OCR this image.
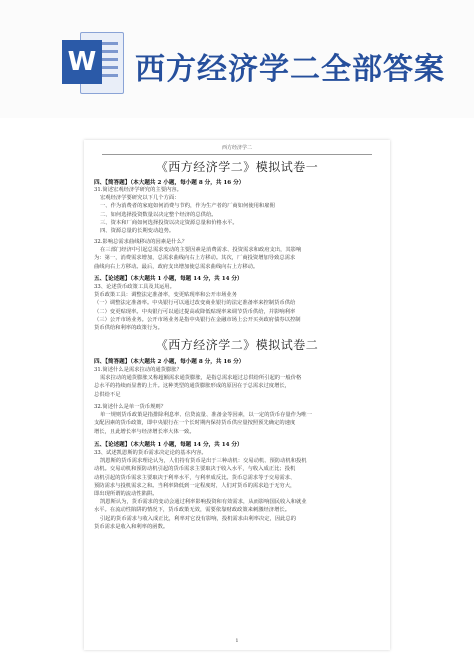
W 西方经济学二全部答案
西方经济学二
《西方经济学二》模拟试卷一
四、【简答题】（本大题共 2 小题，每小题 8 分，共 16 分）

31.简述宏观经济学研究的主要内容。

宏观经济学要研究以下几个方面：

一、作为消费者的家庭如何消费与节约，作为生产者的厂商如何使用和雇佣

二、如何选择投资数量以决定整个经济的总供给。

三、资本和厂商如何选择投资以决定资源总量和价格水平。

四、资源总量的长期变动趋势。

32.影响总需求曲线移动的因素是什么？

在三部门经济中引起总需求变动的主要因素是消费需求、投资需求和政府支出，其影响

为：第一，消费需求增加，总需求曲线向右上方移动。其次，厂商投资增加导致总需求

曲线向右上方移动。最后，政府支出增加使总需求曲线向右上方移动。

五、【论述题】（本大题共 1 小题，每题 14 分，共 14 分）

33、论述货币政策工具及其运用。

货币政策工具：调整法定准备率，变更贴现率和公开市场业务

（一）调整法定准备率。中央银行可以通过改变商业银行的法定准备率来控制货币供给

（二）变更贴现率。中央银行可以通过提高或降低贴现率来调节货币供给，并影响利率

（三）公开市场业务。公开市场业务是指中央银行在金融市场上公开买卖政府债券以控制

货币供给和利率的政策行为。

《西方经济学二》模拟试卷二
四、【简答题】（本大题共 2 小题，每小题 8 分，共 16 分）

31.简述什么是需求拉动的通货膨胀？

需求拉动的通货膨胀又称超额需求通货膨胀，是指总需求超过总供给所引起的一般价格

总水平的持续而显著的上升。这种类型的通货膨胀形成的原因在于总需求过度增长，

总供给不足

32.简述什么是单一货币规则？

单一规则货币政策是指排除利息率、信贷流量、准备金等因素，以一定的货币存量作为唯一

支配因素的货币政策，即中央银行在一个长时期内保持货币供应量按照预先确定的速度

增长，且此增长率与经济增长率大体一致。

五、【论述题】（本大题共 1 小题，每题 14 分，共 14 分）

33、试述凯恩斯的货币需求决定论的基本内容。

凯恩斯的货币需求理论认为，人们持有货币是出于三种动机：交易动机、预防动机和投机

动机。交易动机和预防动机引起的货币需求主要取决于收入水平，与收入成正比；投机

动机引起的货币需求主要取决于利率水平，与利率成反比。货币总需求等于交易需求、

预防需求与投机需求之和。当利率降低到一定程度时，人们对货币的需求趋于无穷大，

即出现所谓的流动性陷阱。

凯恩斯认为，货币需求的变动会通过利率影响投资和有效需求，从而影响国民收入和就业

水平。在流动性陷阱的情况下，货币政策无效，需要依靠财政政策来刺激经济增长。

引起的货币需求与收入成正比，利率对它没有影响，投机需求由利率决定，因此总的

货币需求是收入和利率的函数。

1
